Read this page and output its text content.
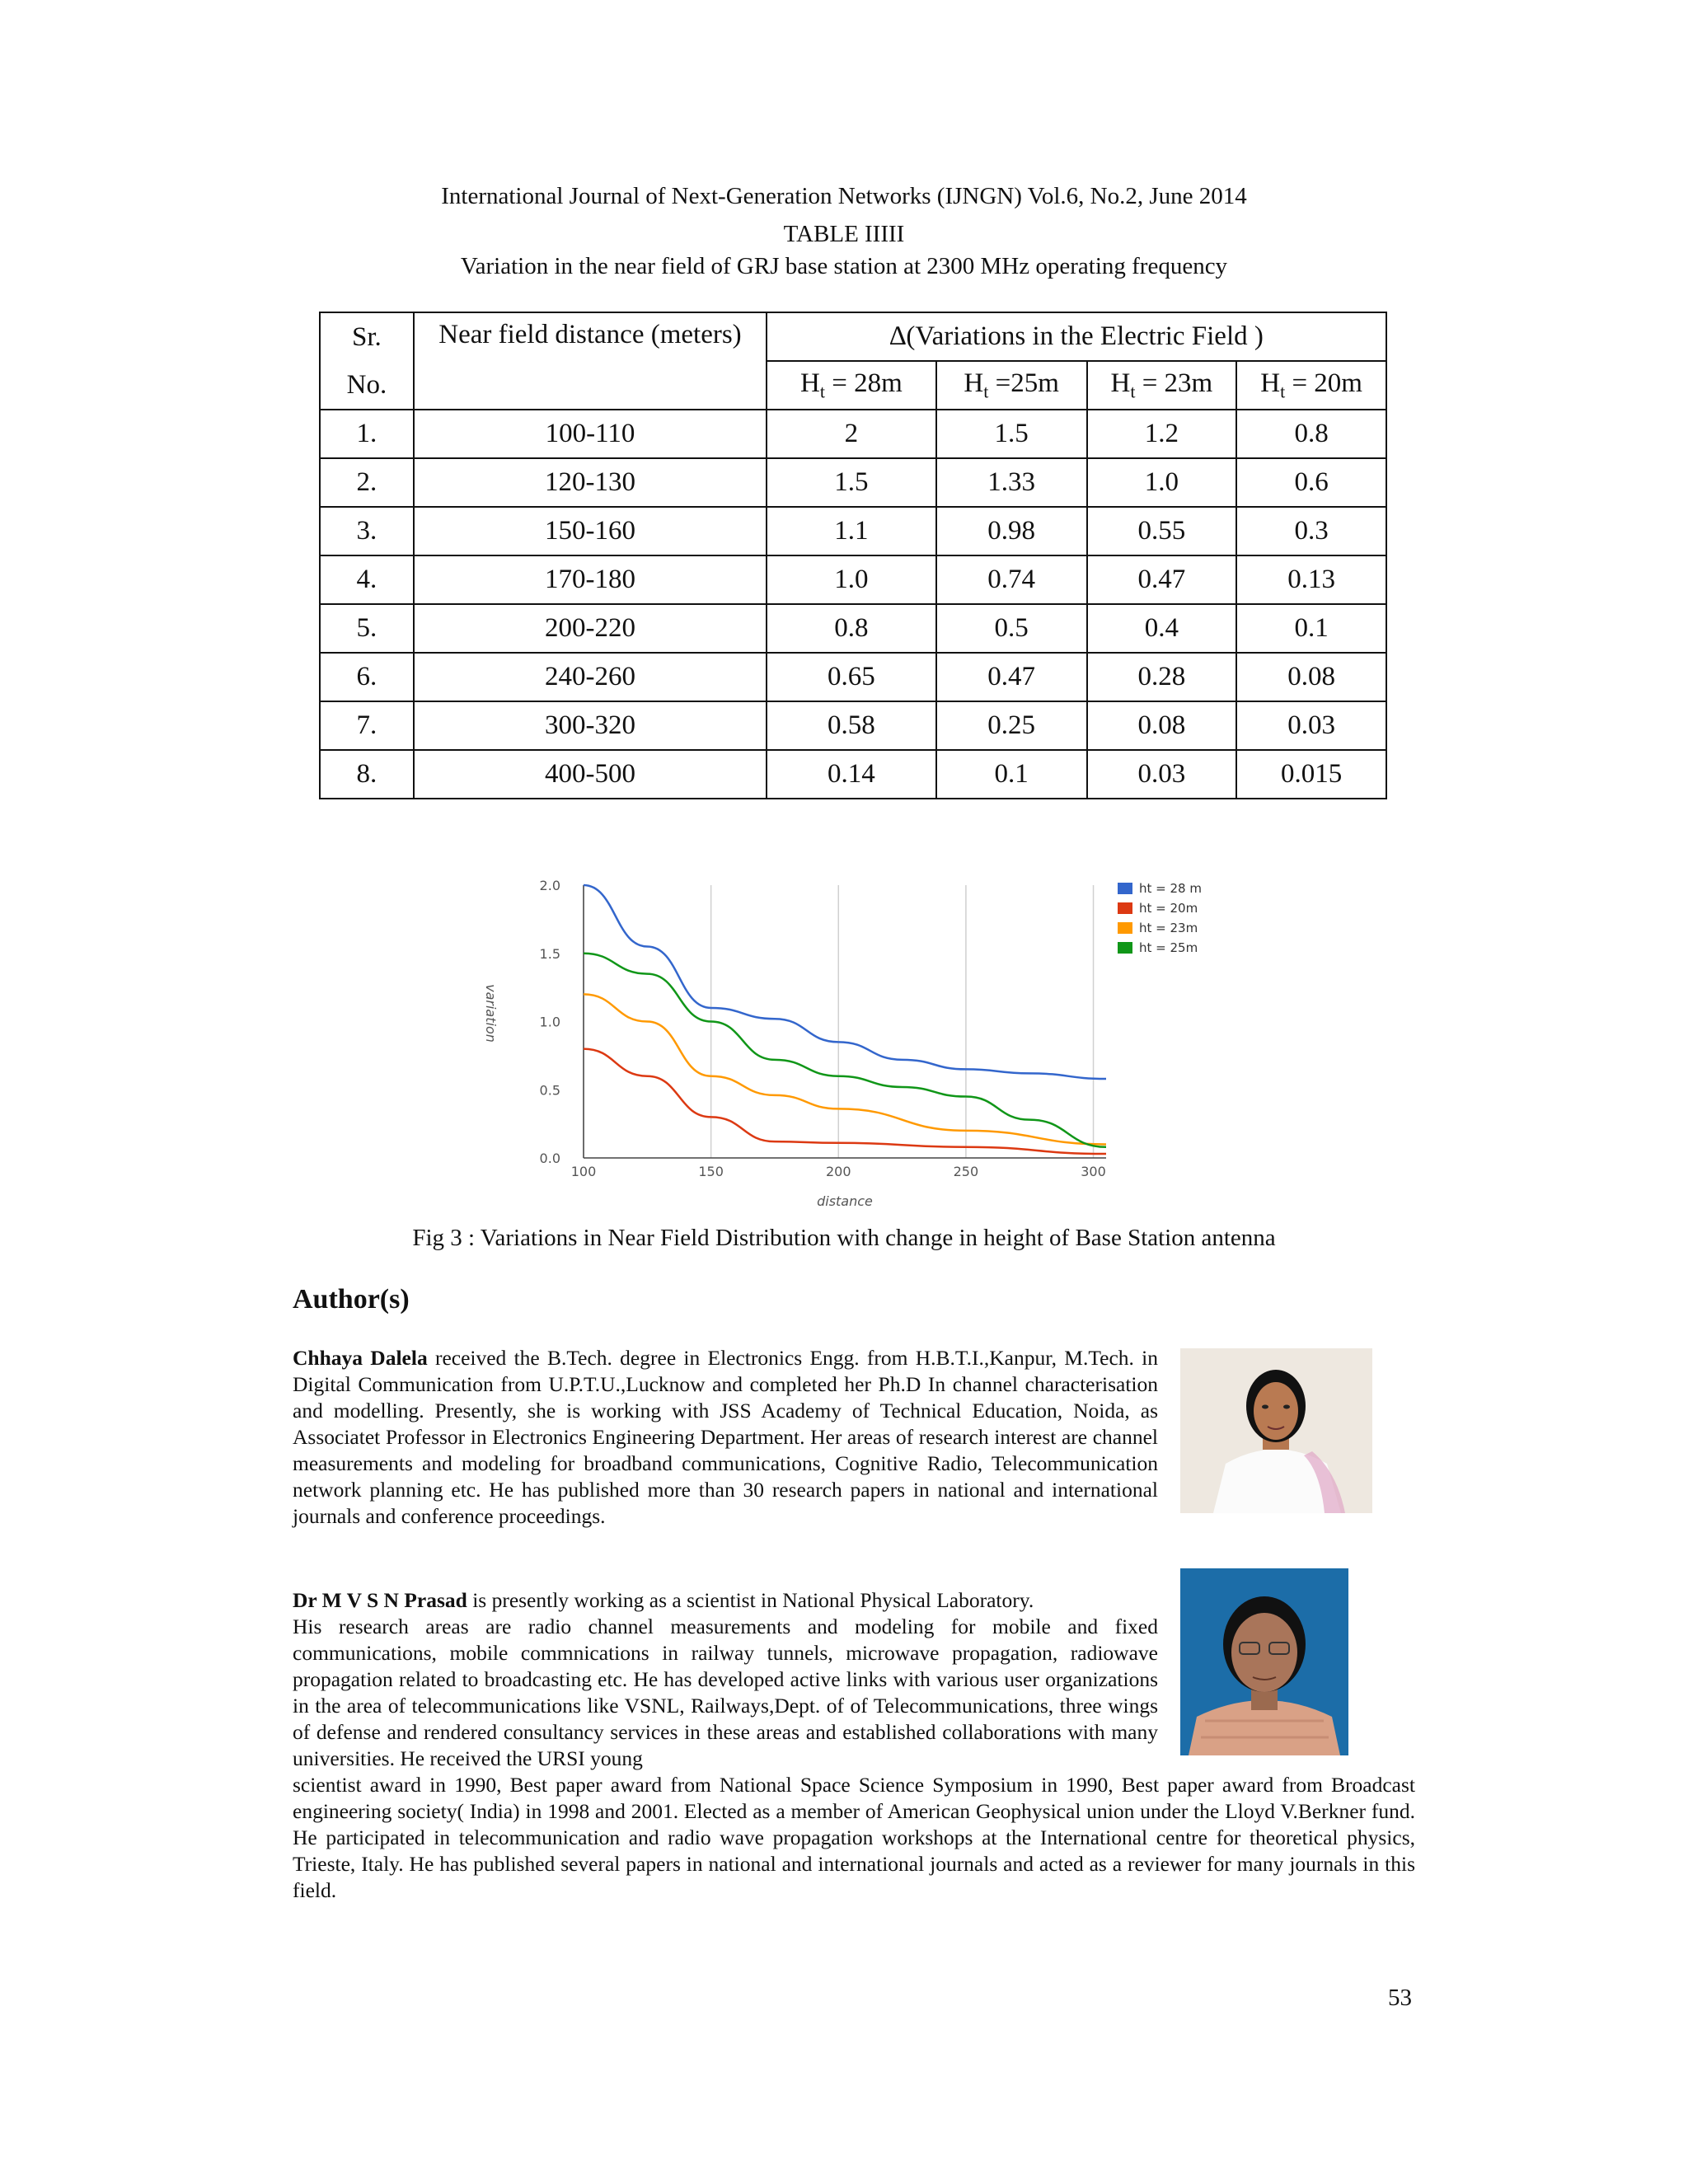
International Journal of Next-Generation Networks (IJNGN) Vol.6, No.2, June 2014
TABLE IIIII
Variation in the near field of GRJ base station at 2300 MHz operating frequency
Sr.	Near field distance (meters)	∆(Variations in the Electric Field )			
No.		$H_t = 28m$	$H_t =25m$	$H_t = 23m$	$H_t = 20m$
1.	100-110	2	1.5	1.2	0.8
2.	120-130	1.5	1.33	1.0	0.6
3.	150-160	1.1	0.98	0.55	0.3
4.	170-180	1.0	0.74	0.47	0.13
5.	200-220	0.8	0.5	0.4	0.1
6.	240-260	0.65	0.47	0.28	0.08
7.	300-320	0.58	0.25	0.08	0.03
8.	400-500	0.14	0.1	0.03	0.015
100	150	200	250	300
0.0
0.5
1.0
1.5
2.0
distance
variation
ht = 28 m
ht = 20m
ht = 23m
ht = 25m
Fig 3 : Variations in Near Field Distribution with change in height of Base Station antenna
Author(s)
Chhaya Dalela received the B.Tech. degree in Electronics Engg. from H.B.T.I.,Kanpur, M.Tech. in Digital Communication from U.P.T.U.,Lucknow and completed her Ph.D In channel characterisation and modelling. Presently, she is working with JSS Academy of Technical Education, Noida, as Associatet Professor in Electronics Engineering Department. Her areas of research interest are channel measurements and modeling for broadband communications, Cognitive Radio, Telecommunication network planning etc. He has published more than 30 research papers in national and international journals and conference proceedings.
Dr M V S N Prasad is presently working as a scientist in National Physical Laboratory.
His research areas are radio channel measurements and modeling for mobile and fixed communications, mobile commnications in railway tunnels, microwave propagation, radiowave propagation related to broadcasting etc. He has developed active links with various user organizations in the area of telecommunications like VSNL, Railways,Dept. of of Telecommunications, three wings of defense and rendered consultancy services in these areas and established collaborations with many universities. He received the URSI young
scientist award in 1990, Best paper award from National Space Science Symposium in 1990, Best paper award from Broadcast engineering society( India) in 1998 and 2001. Elected as a member of American Geophysical union under the Lloyd V.Berkner fund. He participated in telecommunication and radio wave propagation workshops at the International centre for theoretical physics, Trieste, Italy. He has published several papers in national and international journals and acted as a reviewer for many journals in this field.
53
